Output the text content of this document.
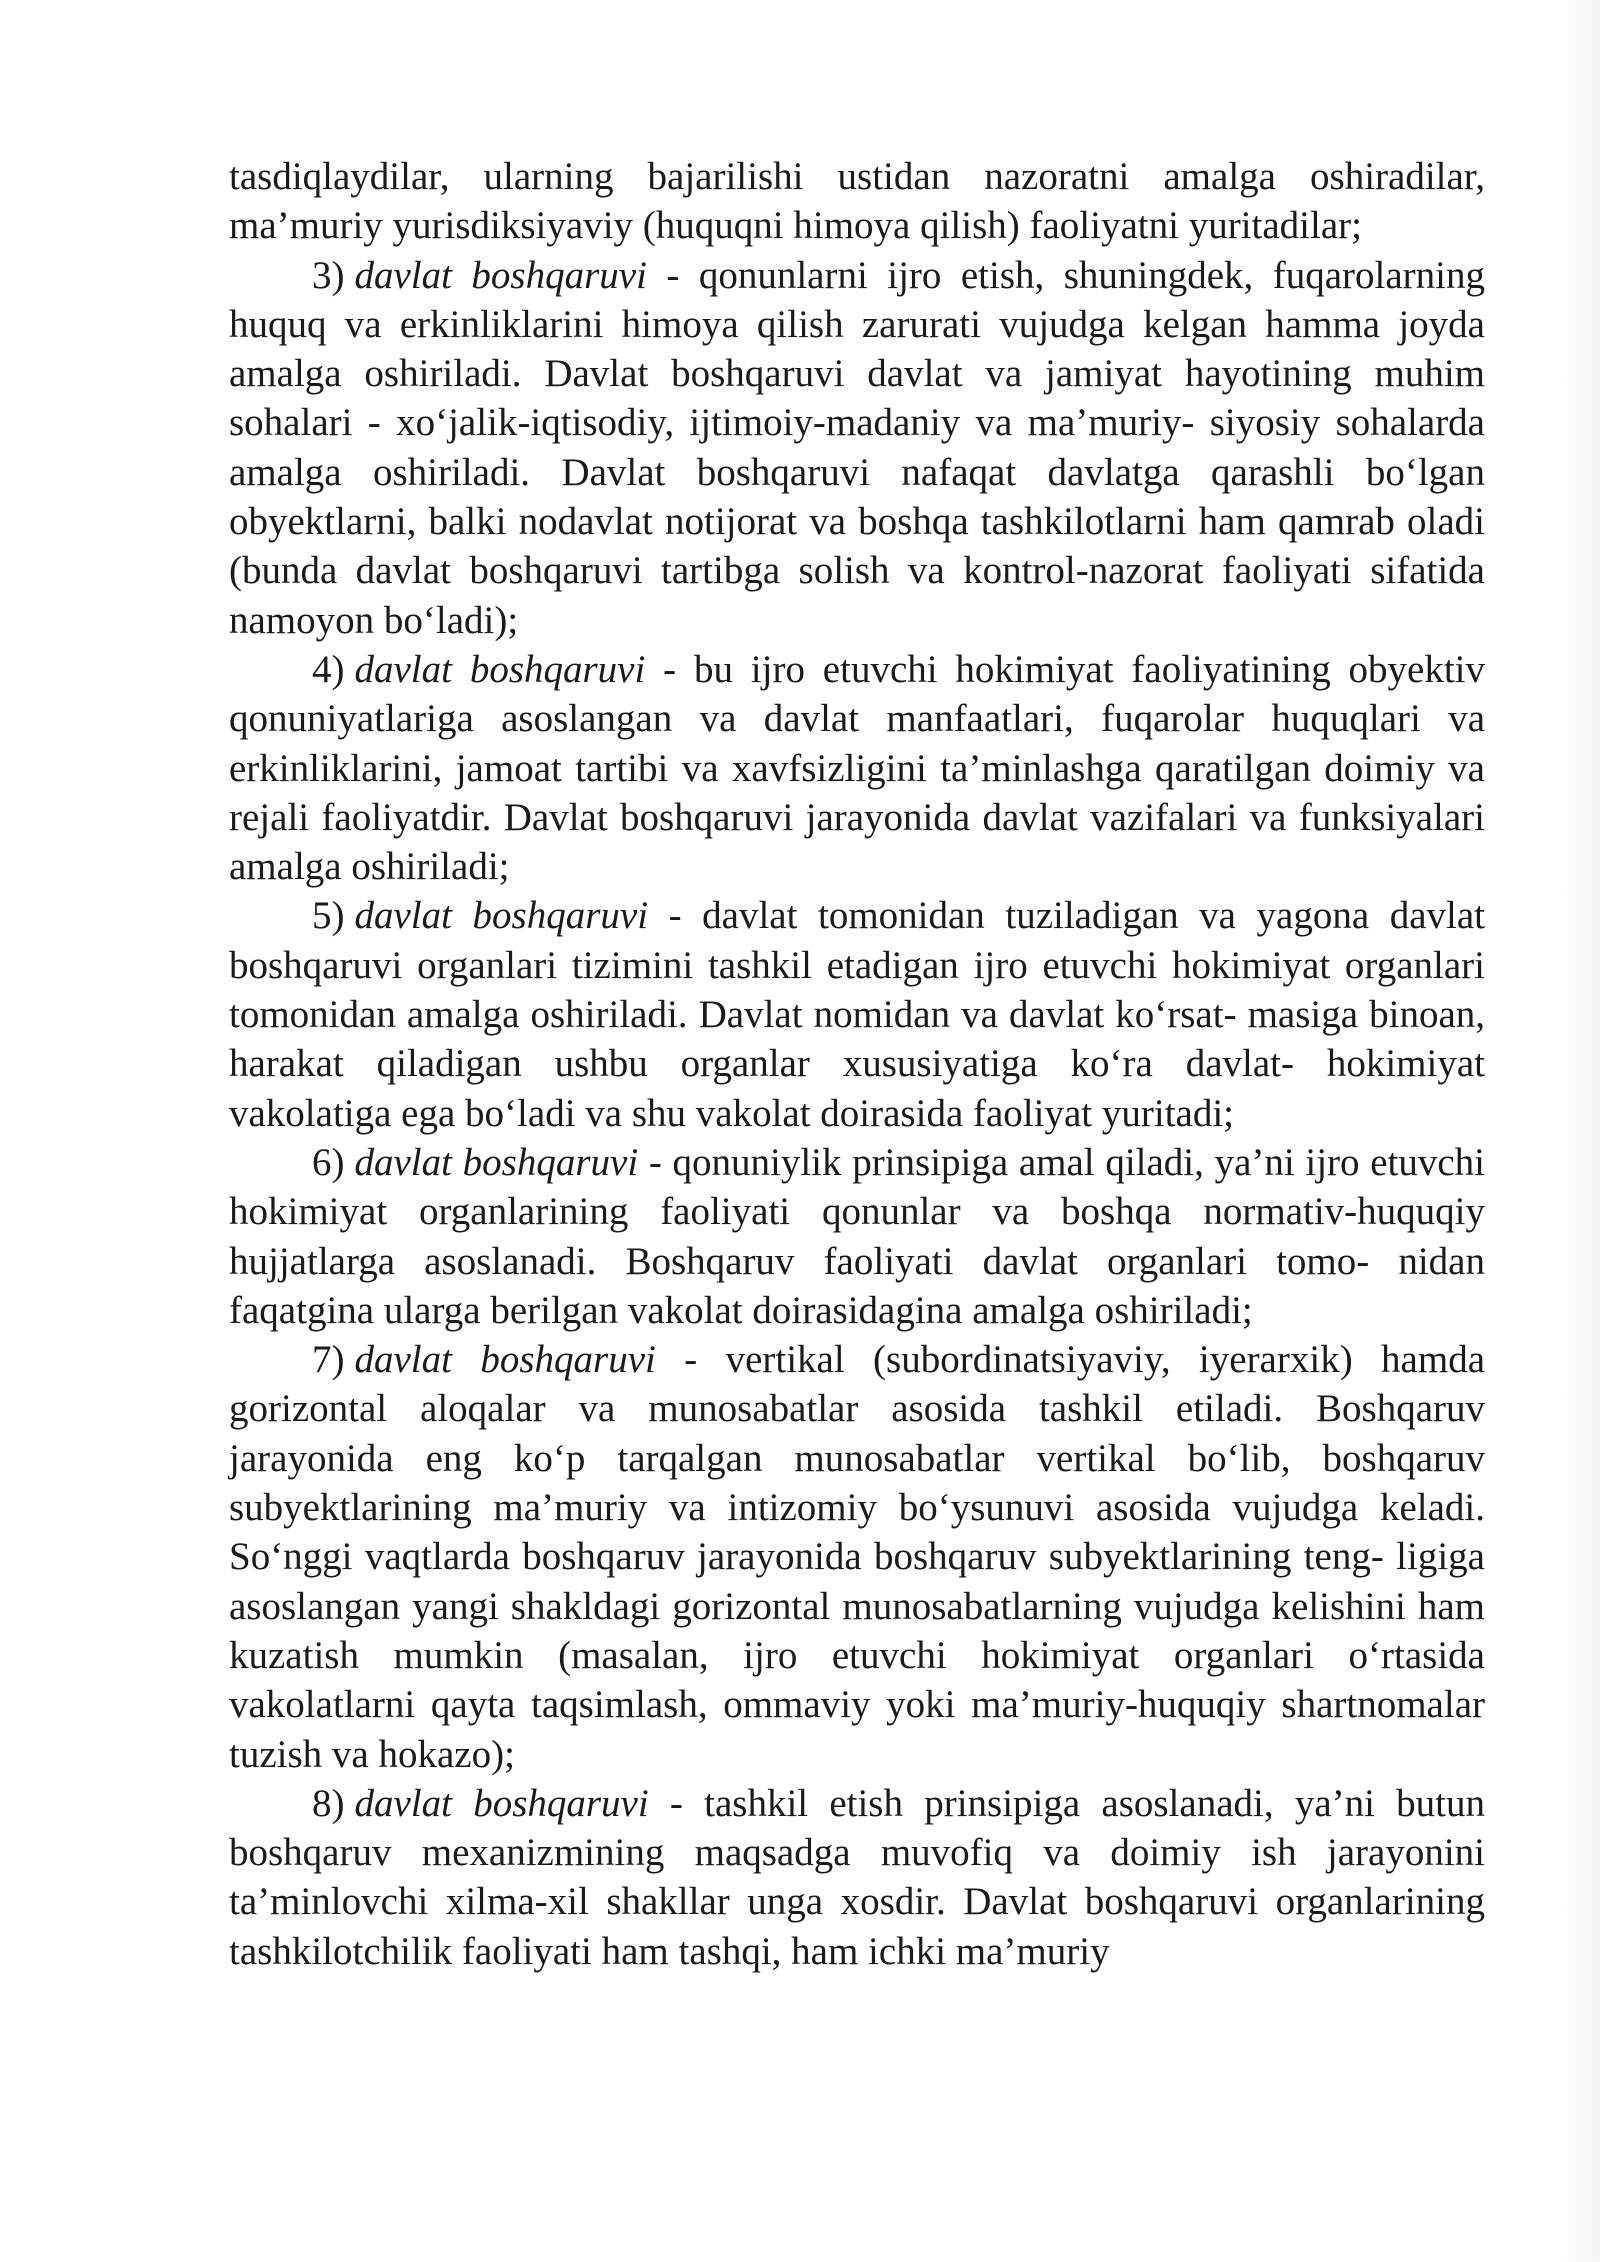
tasdiqlaydilar, ularning bajarilishi ustidan nazoratni amalga oshiradilar, ma’muriy yurisdiksiyaviy (huquqni himoya qilish) faoliyatni yuritadilar;

3) davlat boshqaruvi - qonunlarni ijro etish, shuningdek, fuqarolarning huquq va erkinliklarini himoya qilish zarurati vujudga kelgan hamma joyda amalga oshiriladi. Davlat boshqaruvi davlat va jamiyat hayotining muhim sohalari - xo‘jalik-iqtisodiy, ijtimoiy-madaniy va ma’muriy- siyosiy sohalarda amalga oshiriladi. Davlat boshqaruvi nafaqat davlatga qarashli bo‘lgan obyektlarni, balki nodavlat notijorat va boshqa tashkilotlarni ham qamrab oladi (bunda davlat boshqaruvi tartibga solish va kontrol-nazorat faoliyati sifatida namoyon bo‘ladi);

4) davlat boshqaruvi - bu ijro etuvchi hokimiyat faoliyatining obyektiv qonuniyatlariga asoslangan va davlat manfaatlari, fuqarolar huquqlari va erkinliklarini, jamoat tartibi va xavfsizligini ta’minlashga qaratilgan doimiy va rejali faoliyatdir. Davlat boshqaruvi jarayonida davlat vazifalari va funksiyalari amalga oshiriladi;

5) davlat boshqaruvi - davlat tomonidan tuziladigan va yagona davlat boshqaruvi organlari tizimini tashkil etadigan ijro etuvchi hokimiyat organlari tomonidan amalga oshiriladi. Davlat nomidan va davlat ko‘rsat- masiga binoan, harakat qiladigan ushbu organlar xususiyatiga ko‘ra davlat- hokimiyat vakolatiga ega bo‘ladi va shu vakolat doirasida faoliyat yuritadi;

6) davlat boshqaruvi - qonuniylik prinsipiga amal qiladi, ya’ni ijro etuvchi hokimiyat organlarining faoliyati qonunlar va boshqa normativ-huquqiy hujjatlarga asoslanadi. Boshqaruv faoliyati davlat organlari tomo- nidan faqatgina ularga berilgan vakolat doirasidagina amalga oshiriladi;

7) davlat boshqaruvi - vertikal (subordinatsiyaviy, iyerarxik) hamda gorizontal aloqalar va munosabatlar asosida tashkil etiladi. Boshqaruv jarayonida eng ko‘p tarqalgan munosabatlar vertikal bo‘lib, boshqaruv subyektlarining ma’muriy va intizomiy bo‘ysunuvi asosida vujudga keladi. So‘nggi vaqtlarda boshqaruv jarayonida boshqaruv subyektlarining teng- ligiga asoslangan yangi shakldagi gorizontal munosabatlarning vujudga kelishini ham kuzatish mumkin (masalan, ijro etuvchi hokimiyat organlari o‘rtasida vakolatlarni qayta taqsimlash, ommaviy yoki ma’muriy-huquqiy shartnomalar tuzish va hokazo);

8) davlat boshqaruvi - tashkil etish prinsipiga asoslanadi, ya’ni butun boshqaruv mexanizmining maqsadga muvofiq va doimiy ish jarayonini ta’minlovchi xilma-xil shakllar unga xosdir. Davlat boshqaruvi organlarining tashkilotchilik faoliyati ham tashqi, ham ichki ma’muriy
